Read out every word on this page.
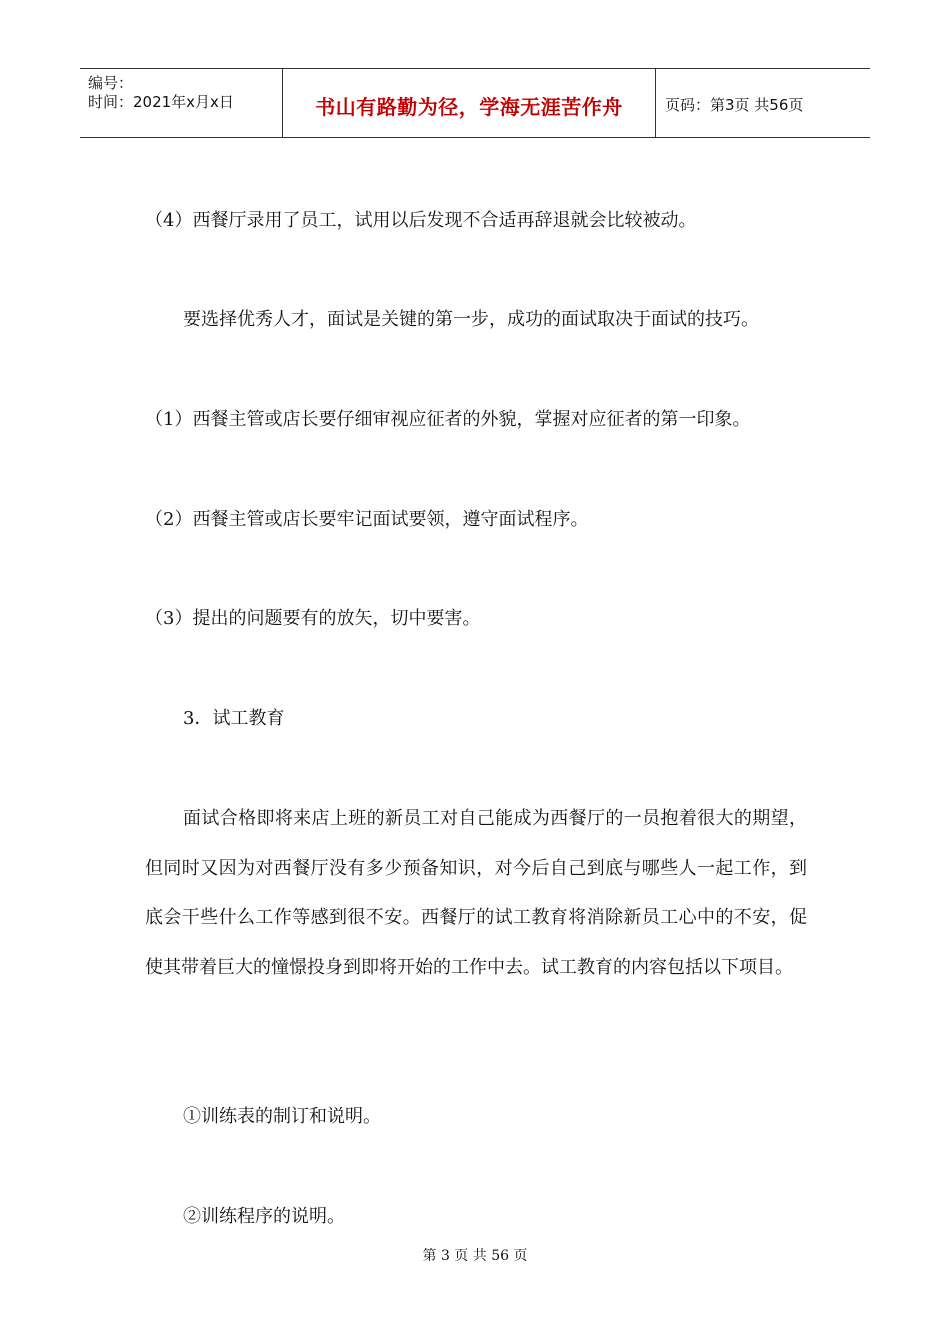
编号：
时间：2021年x月x日	书山有路勤为径，学海无涯苦作舟	页码：第3页 共56页

（4）西餐厅录用了员工，试用以后发现不合适再辞退就会比较被动。

要选择优秀人才，面试是关键的第一步，成功的面试取决于面试的技巧。

（1）西餐主管或店长要仔细审视应征者的外貌，掌握对应征者的第一印象。

（2）西餐主管或店长要牢记面试要领，遵守面试程序。

（3）提出的问题要有的放矢，切中要害。

3．试工教育

面试合格即将来店上班的新员工对自己能成为西餐厅的一员抱着很大的期望，但同时又因为对西餐厅没有多少预备知识，对今后自己到底与哪些人一起工作，到底会干些什么工作等感到很不安。西餐厅的试工教育将消除新员工心中的不安，促使其带着巨大的憧憬投身到即将开始的工作中去。试工教育的内容包括以下项目。

①训练表的制订和说明。

②训练程序的说明。

第 3 页 共 56 页
